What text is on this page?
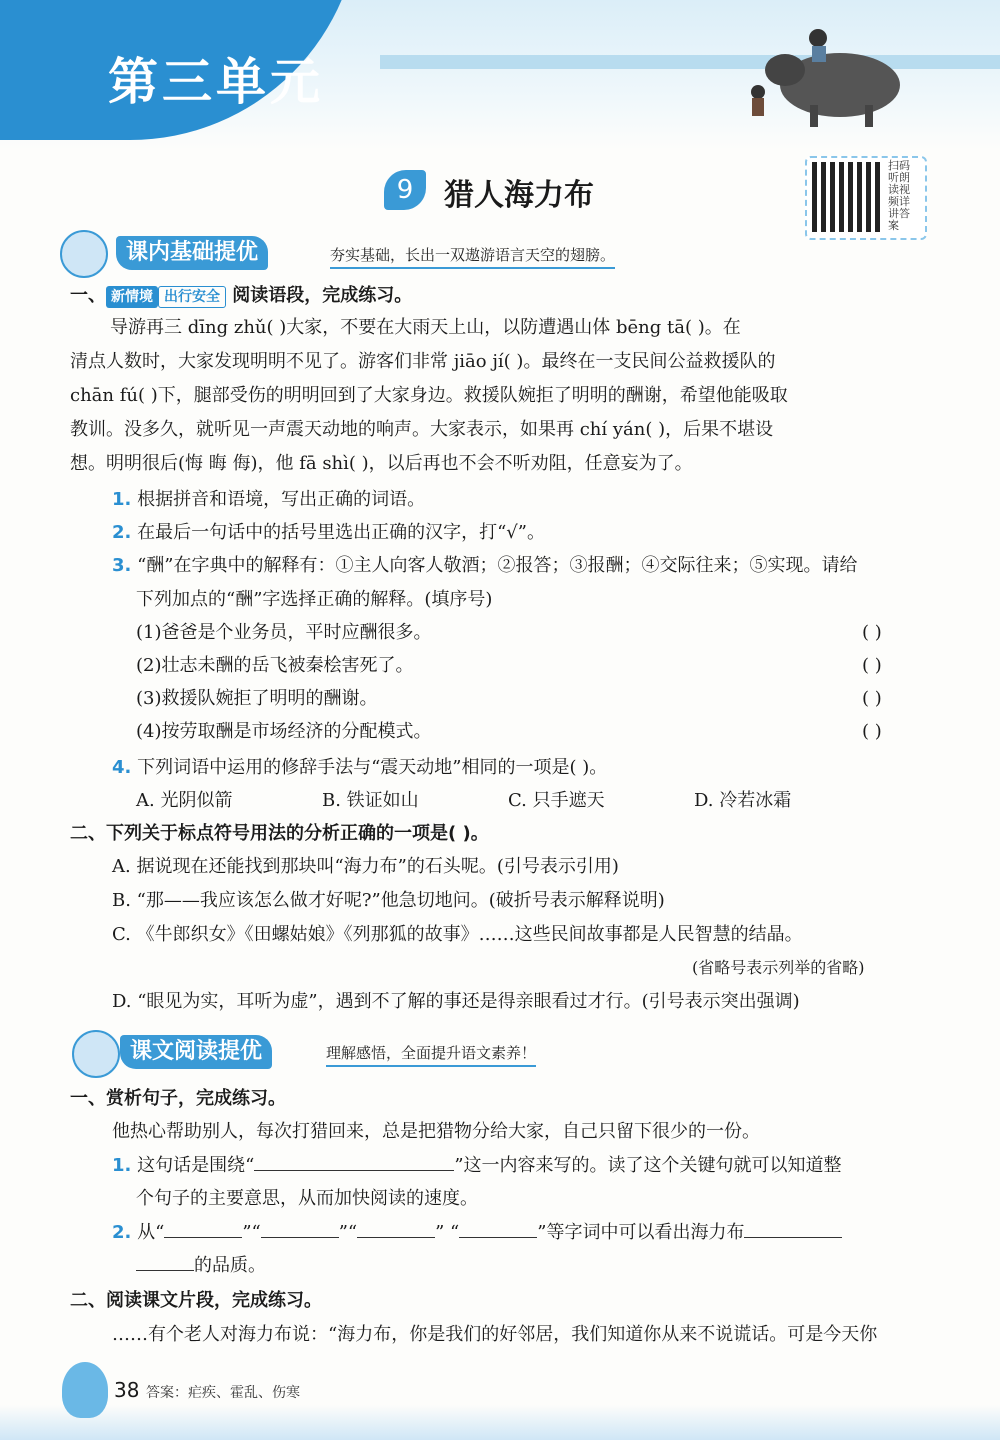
第三单元
9	猎人海力布
扫码听朗读视频详讲答案
课内基础提优	夯实基础，长出一双遨游语言天空的翅膀。
一、 新情境 出行安全 阅读语段，完成练习。
导游再三 dīng zhǔ( )大家，不要在大雨天上山，以防遭遇山体 bēng tā( )。在
清点人数时，大家发现明明不见了。游客们非常 jiāo jí( )。最终在一支民间公益救援队的
chān fú( )下，腿部受伤的明明回到了大家身边。救援队婉拒了明明的酬谢，希望他能吸取
教训。没多久，就听见一声震天动地的响声。大家表示，如果再 chí yán( )，后果不堪设
想。明明很后(悔 晦 侮)，他 fā shì( )，以后再也不会不听劝阻，任意妄为了。
1. 根据拼音和语境，写出正确的词语。
2. 在最后一句话中的括号里选出正确的汉字，打“√”。
3. “酬”在字典中的解释有：①主人向客人敬酒；②报答；③报酬；④交际往来；⑤实现。请给
下列加点的“酬”字选择正确的解释。(填序号)
(1)爸爸是个业务员，平时应酬很多。	( )
(2)壮志未酬的岳飞被秦桧害死了。	( )
(3)救援队婉拒了明明的酬谢。	( )
(4)按劳取酬是市场经济的分配模式。	( )
4. 下列词语中运用的修辞手法与“震天动地”相同的一项是( )。
A. 光阴似箭	B. 铁证如山	C. 只手遮天	D. 冷若冰霜
二、下列关于标点符号用法的分析正确的一项是( )。
A. 据说现在还能找到那块叫“海力布”的石头呢。(引号表示引用)
B. “那——我应该怎么做才好呢?”他急切地问。(破折号表示解释说明)
C. 《牛郎织女》《田螺姑娘》《列那狐的故事》……这些民间故事都是人民智慧的结晶。
(省略号表示列举的省略)
D. “眼见为实，耳听为虚”，遇到不了解的事还是得亲眼看过才行。(引号表示突出强调)
课文阅读提优	理解感悟，全面提升语文素养！
一、赏析句子，完成练习。
他热心帮助别人，每次打猎回来，总是把猎物分给大家，自己只留下很少的一份。
1. 这句话是围绕“	”这一内容来写的。读了这个关键句就可以知道整
个句子的主要意思，从而加快阅读的速度。
2. 从“	”“	”“	” “	”等字词中可以看出海力布
的品质。
二、阅读课文片段，完成练习。
……有个老人对海力布说：“海力布，你是我们的好邻居，我们知道你从来不说谎话。可是今天你
38 答案：疟疾、霍乱、伤寒
